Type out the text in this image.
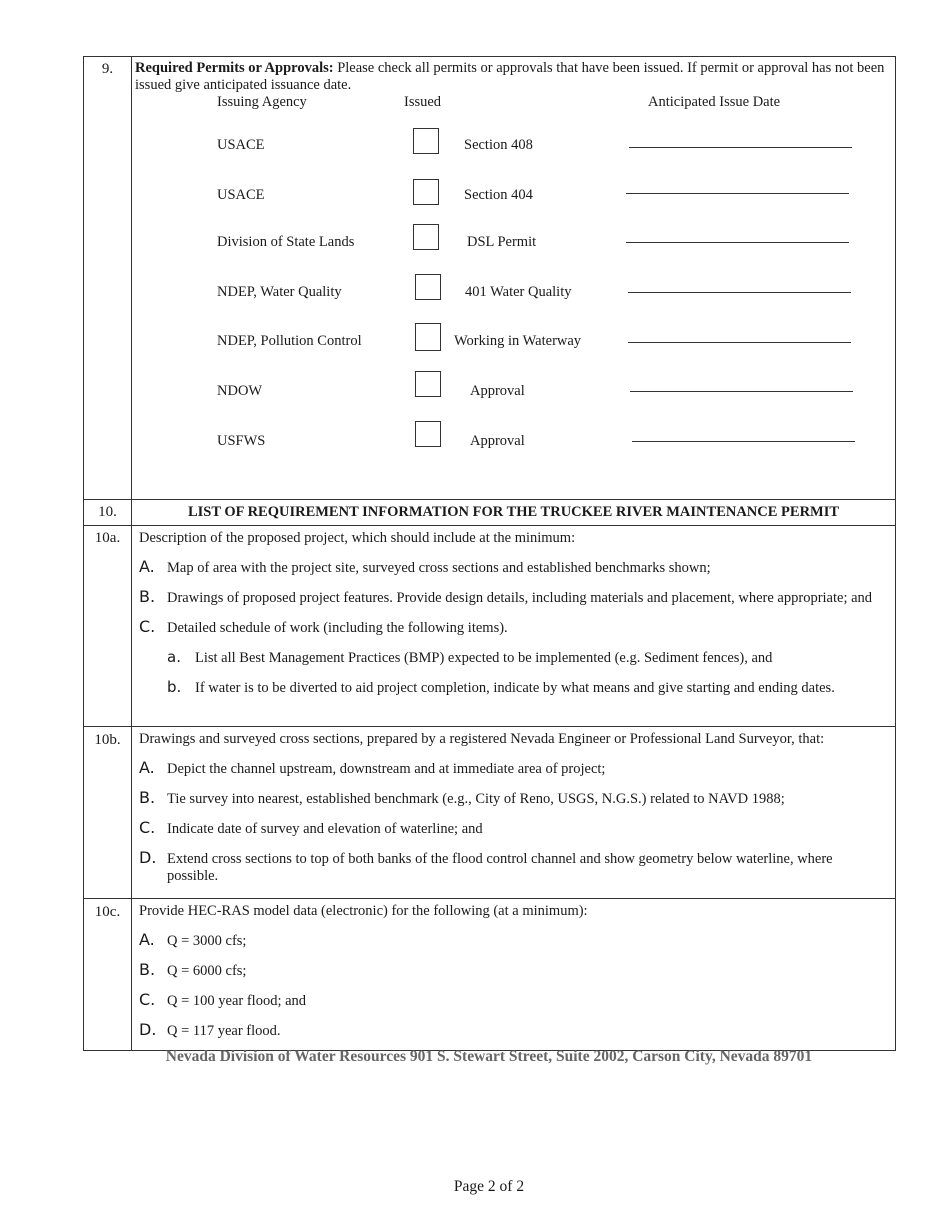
9.	Required Permits or Approvals: Please check all permits or approvals that have been issued. If permit or approval has not been issued give anticipated issuance date.
Issuing Agency	Issued	Anticipated Issue Date
USACE	Section 408
USACE	Section 404
Division of State Lands	DSL Permit
NDEP, Water Quality	401 Water Quality
NDEP, Pollution Control	Working in Waterway
NDOW	Approval
USFWS	Approval
10.	LIST OF REQUIREMENT INFORMATION FOR THE TRUCKEE RIVER MAINTENANCE PERMIT
10a.	Description of the proposed project, which should include at the minimum:
A. Map of area with the project site, surveyed cross sections and established benchmarks shown;
B. Drawings of proposed project features. Provide design details, including materials and placement, where appropriate; and
C. Detailed schedule of work (including the following items).
a. List all Best Management Practices (BMP) expected to be implemented (e.g. Sediment fences), and
b. If water is to be diverted to aid project completion, indicate by what means and give starting and ending dates.
10b.	Drawings and surveyed cross sections, prepared by a registered Nevada Engineer or Professional Land Surveyor, that:
A. Depict the channel upstream, downstream and at immediate area of project;
B. Tie survey into nearest, established benchmark (e.g., City of Reno, USGS, N.G.S.) related to NAVD 1988;
C. Indicate date of survey and elevation of waterline; and
D. Extend cross sections to top of both banks of the flood control channel and show geometry below waterline, where possible.
10c.	Provide HEC-RAS model data (electronic) for the following (at a minimum):
A. Q = 3000 cfs;
B. Q = 6000 cfs;
C. Q = 100 year flood; and
D. Q = 117 year flood.
Nevada Division of Water Resources 901 S. Stewart Street, Suite 2002, Carson City, Nevada 89701
Page 2 of 2
